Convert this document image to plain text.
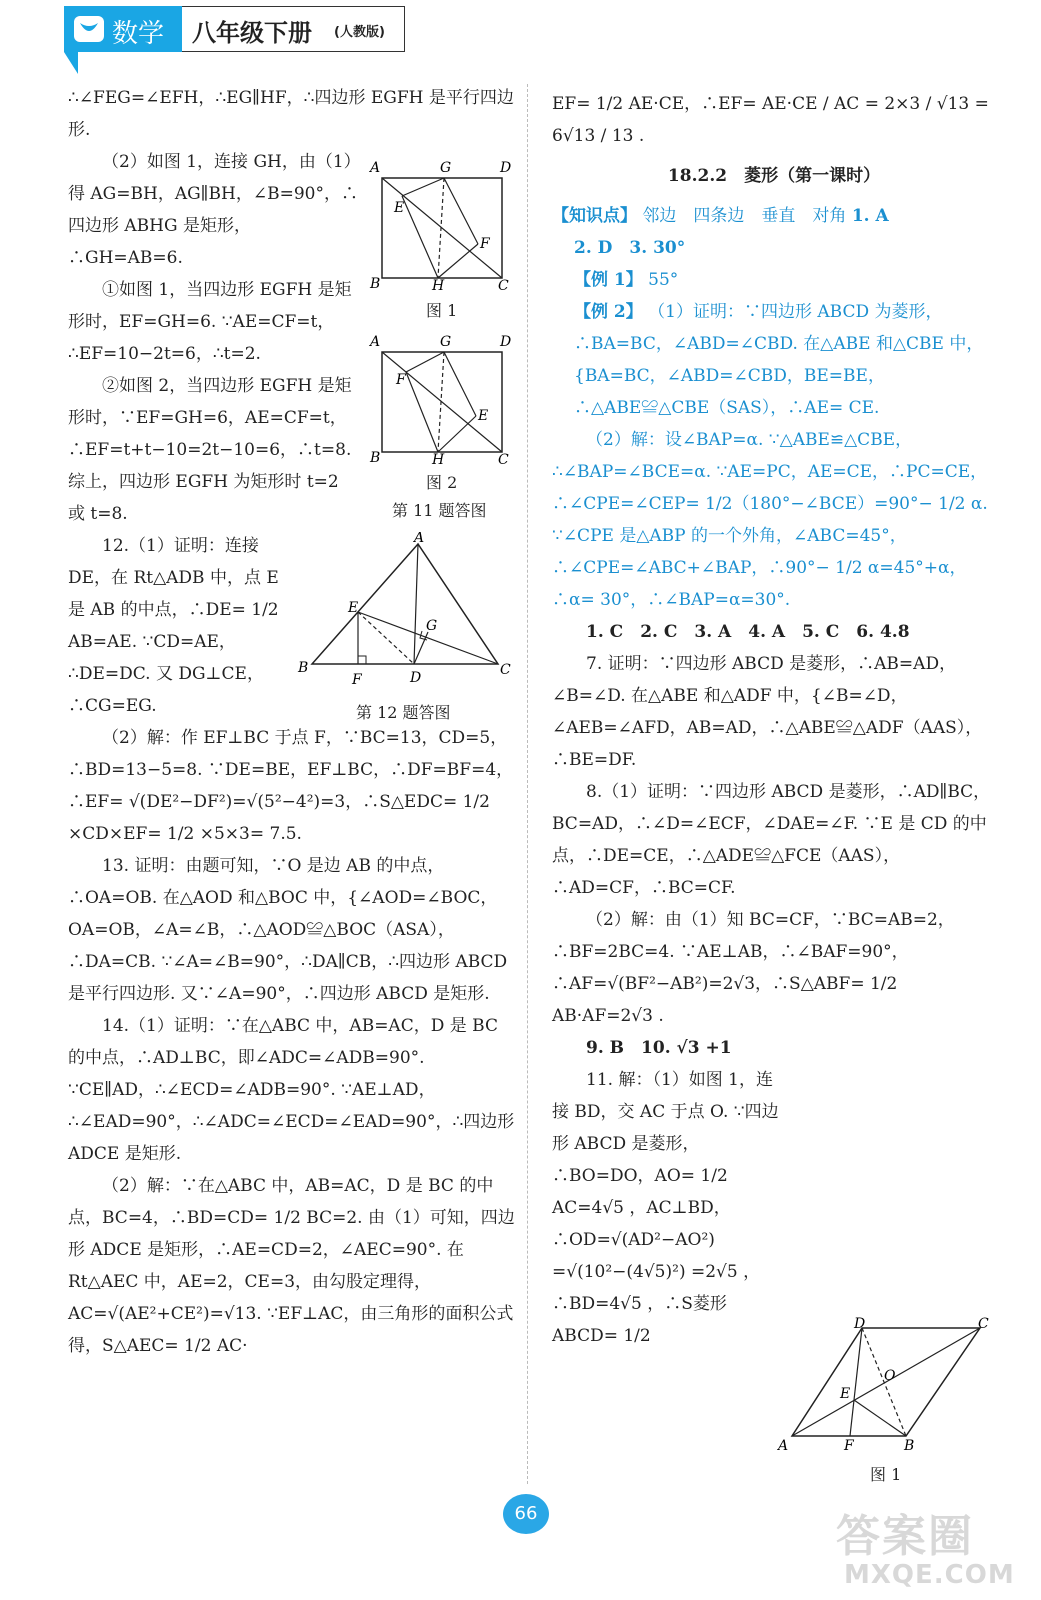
数学 八年级下册 (人教版)

∴∠FEG=∠EFH，∴EG∥HF，∴四边形 EGFH 是平行四边形.

（2）如图 1，连接 GH，由（1）得 AG=BH，AG∥BH，∠B=90°，∴四边形 ABHG 是矩形，∴GH=AB=6.

①如图 1，当四边形 EGFH 是矩形时，EF=GH=6. ∵AE=CF=t，∴EF=10−2t=6，∴t=2.

②如图 2，当四边形 EGFH 是矩形时，∵EF=GH=6，AE=CF=t，∴EF=t+t−10=2t−10=6，∴t=8. 综上，四边形 EGFH 为矩形时 t=2 或 t=8.

12.（1）证明：连接 DE，在 Rt△ADB 中，点 E 是 AB 的中点，∴DE= 1/2 AB=AE. ∵CD=AE，∴DE=DC. 又 DG⊥CE，∴CG=EG.

（2）解：作 EF⊥BC 于点 F，∵BC=13，CD=5，∴BD=13−5=8. ∵DE=BE，EF⊥BC，∴DF=BF=4，∴EF= √(DE²−DF²)=√(5²−4²)=3，∴S△EDC= 1/2 ×CD×EF= 1/2 ×5×3= 7.5.

13. 证明：由题可知，∵O 是边 AB 的中点，∴OA=OB. 在△AOD 和△BOC 中，{∠AOD=∠BOC，OA=OB，∠A=∠B，∴△AOD≌△BOC（ASA），∴DA=CB. ∵∠A=∠B=90°，∴DA∥CB，∴四边形 ABCD 是平行四边形. 又∵∠A=90°，∴四边形 ABCD 是矩形.

14.（1）证明：∵在△ABC 中，AB=AC，D 是 BC 的中点，∴AD⊥BC，即∠ADC=∠ADB=90°. ∵CE∥AD，∴∠ECD=∠ADB=90°. ∵AE⊥AD，∴∠EAD=90°，∴∠ADC=∠ECD=∠EAD=90°，∴四边形 ADCE 是矩形.

（2）解：∵在△ABC 中，AB=AC，D 是 BC 的中点，BC=4，∴BD=CD= 1/2 BC=2. 由（1）可知，四边形 ADCE 是矩形，∴AE=CD=2，∠AEC=90°. 在 Rt△AEC 中，AE=2，CE=3，由勾股定理得，AC=√(AE²+CE²)=√13. ∵EF⊥AC，由三角形的面积公式得，S△AEC= 1/2 AC·

A	G	D
E
F
B	H	C
图 1
A	G	D
F
E
B	H	C
图 2
第 11 题答图
A
E
G
B
F	D	C
第 12 题答图

EF= 1/2 AE·CE，∴EF= AE·CE / AC = 2×3 / √13 = 6√13 / 13 .

18.2.2　菱形（第一课时）

【知识点】 邻边　四条边　垂直　对角 1. A

2. D　3. 30°

【例 1】 55°

【例 2】 （1）证明：∵四边形 ABCD 为菱形，∴BA=BC，∠ABD=∠CBD. 在△ABE 和△CBE 中，{BA=BC，∠ABD=∠CBD，BE=BE，∴△ABE≌△CBE（SAS），∴AE= CE.

（2）解：设∠BAP=α. ∵△ABE≌△CBE，∴∠BAP=∠BCE=α. ∵AE=PC，AE=CE，∴PC=CE，∴∠CPE=∠CEP= 1/2（180°−∠BCE）=90°− 1/2 α. ∵∠CPE 是△ABP 的一个外角，∠ABC=45°，∴∠CPE=∠ABC+∠BAP，∴90°− 1/2 α=45°+α，∴α= 30°，∴∠BAP=α=30°.

1. C　2. C　3. A　4. A　5. C　6. 4.8

7. 证明：∵四边形 ABCD 是菱形，∴AB=AD，∠B=∠D. 在△ABE 和△ADF 中，{∠B=∠D，∠AEB=∠AFD，AB=AD，∴△ABE≌△ADF（AAS），∴BE=DF.

8.（1）证明：∵四边形 ABCD 是菱形，∴AD∥BC，BC=AD，∴∠D=∠ECF，∠DAE=∠F. ∵E 是 CD 的中点，∴DE=CE，∴△ADE≌△FCE（AAS），∴AD=CF，∴BC=CF.

（2）解：由（1）知 BC=CF，∵BC=AB=2，∴BF=2BC=4. ∵AE⊥AB，∴∠BAF=90°，∴AF=√(BF²−AB²)=2√3，∴S△ABF= 1/2 AB·AF=2√3 .

9. B　10. √3 +1

11. 解：（1）如图 1，连接 BD，交 AC 于点 O. ∵四边形 ABCD 是菱形，∴BO=DO，AO= 1/2 AC=4√5 ，AC⊥BD，∴OD=√(AD²−AO²) =√(10²−(4√5)²) =2√5 ，∴BD=4√5 ，∴S菱形ABCD= 1/2

D	C
O
E
A	F	B
图 1
66	答案圈
MXQE.COM
